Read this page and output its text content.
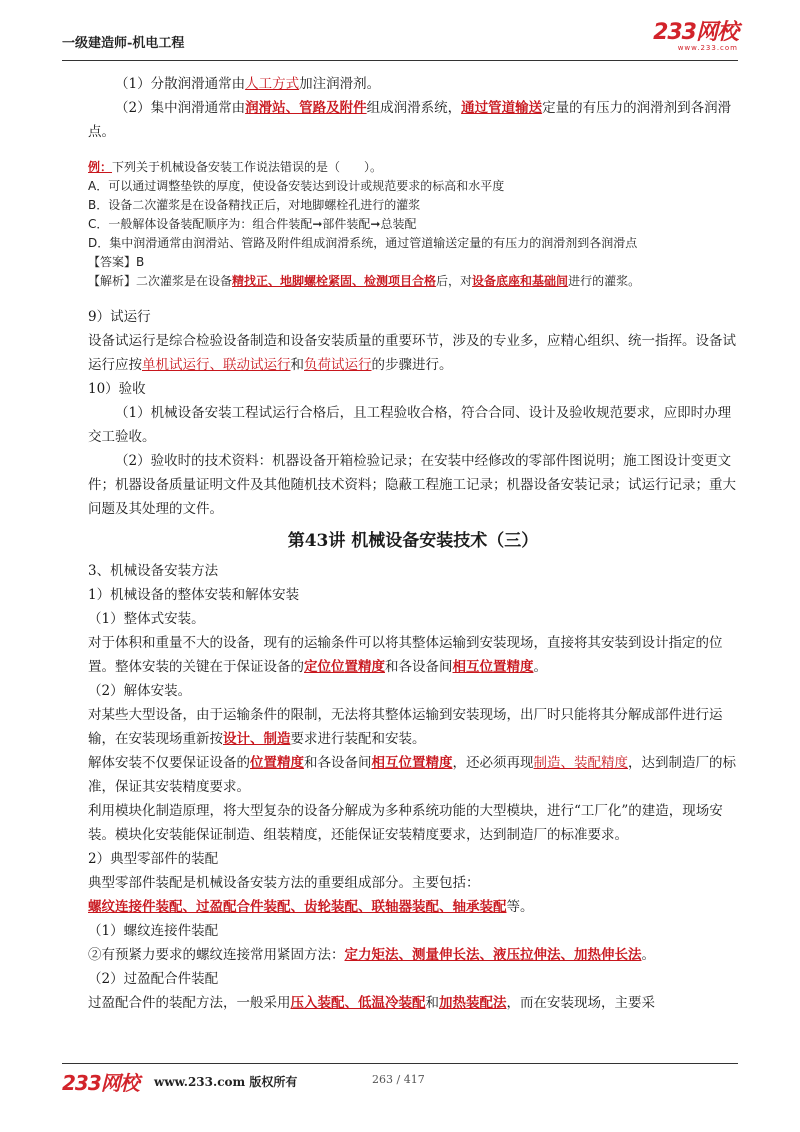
一级建造师-机电工程	233网校
www.233.com

（1）分散润滑通常由人工方式加注润滑剂。

（2）集中润滑通常由润滑站、管路及附件组成润滑系统，通过管道输送定量的有压力的润滑剂到各润滑点。

例：下列关于机械设备安装工作说法错误的是（　　）。

A．可以通过调整垫铁的厚度，使设备安装达到设计或规范要求的标高和水平度

B．设备二次灌浆是在设备精找正后，对地脚螺栓孔进行的灌浆

C．一般解体设备装配顺序为：组合件装配➞部件装配➞总装配

D．集中润滑通常由润滑站、管路及附件组成润滑系统，通过管道输送定量的有压力的润滑剂到各润滑点

【答案】B

【解析】二次灌浆是在设备精找正、地脚螺栓紧固、检测项目合格后，对设备底座和基础间进行的灌浆。

9）试运行

设备试运行是综合检验设备制造和设备安装质量的重要环节，涉及的专业多，应精心组织、统一指挥。设备试运行应按单机试运行、联动试运行和负荷试运行的步骤进行。

10）验收

（1）机械设备安装工程试运行合格后，且工程验收合格，符合合同、设计及验收规范要求，应即时办理交工验收。

（2）验收时的技术资料：机器设备开箱检验记录；在安装中经修改的零部件图说明；施工图设计变更文件；机器设备质量证明文件及其他随机技术资料；隐蔽工程施工记录；机器设备安装记录；试运行记录；重大问题及其处理的文件。

第43讲 机械设备安装技术（三）

3、机械设备安装方法

1）机械设备的整体安装和解体安装

（1）整体式安装。

对于体积和重量不大的设备，现有的运输条件可以将其整体运输到安装现场，直接将其安装到设计指定的位置。整体安装的关键在于保证设备的定位位置精度和各设备间相互位置精度。

（2）解体安装。

对某些大型设备，由于运输条件的限制，无法将其整体运输到安装现场，出厂时只能将其分解成部件进行运输，在安装现场重新按设计、制造要求进行装配和安装。

解体安装不仅要保证设备的位置精度和各设备间相互位置精度，还必须再现制造、装配精度，达到制造厂的标准，保证其安装精度要求。

利用模块化制造原理，将大型复杂的设备分解成为多种系统功能的大型模块，进行“工厂化”的建造，现场安装。模块化安装能保证制造、组装精度，还能保证安装精度要求，达到制造厂的标准要求。

2）典型零部件的装配

典型零部件装配是机械设备安装方法的重要组成部分。主要包括：

螺纹连接件装配、过盈配合件装配、齿轮装配、联轴器装配、轴承装配等。

（1）螺纹连接件装配

②有预紧力要求的螺纹连接常用紧固方法：定力矩法、测量伸长法、液压拉伸法、加热伸长法。

（2）过盈配合件装配

过盈配合件的装配方法，一般采用压入装配、低温冷装配和加热装配法，而在安装现场，主要采

233网校 www.233.com 版权所有	263 / 417
